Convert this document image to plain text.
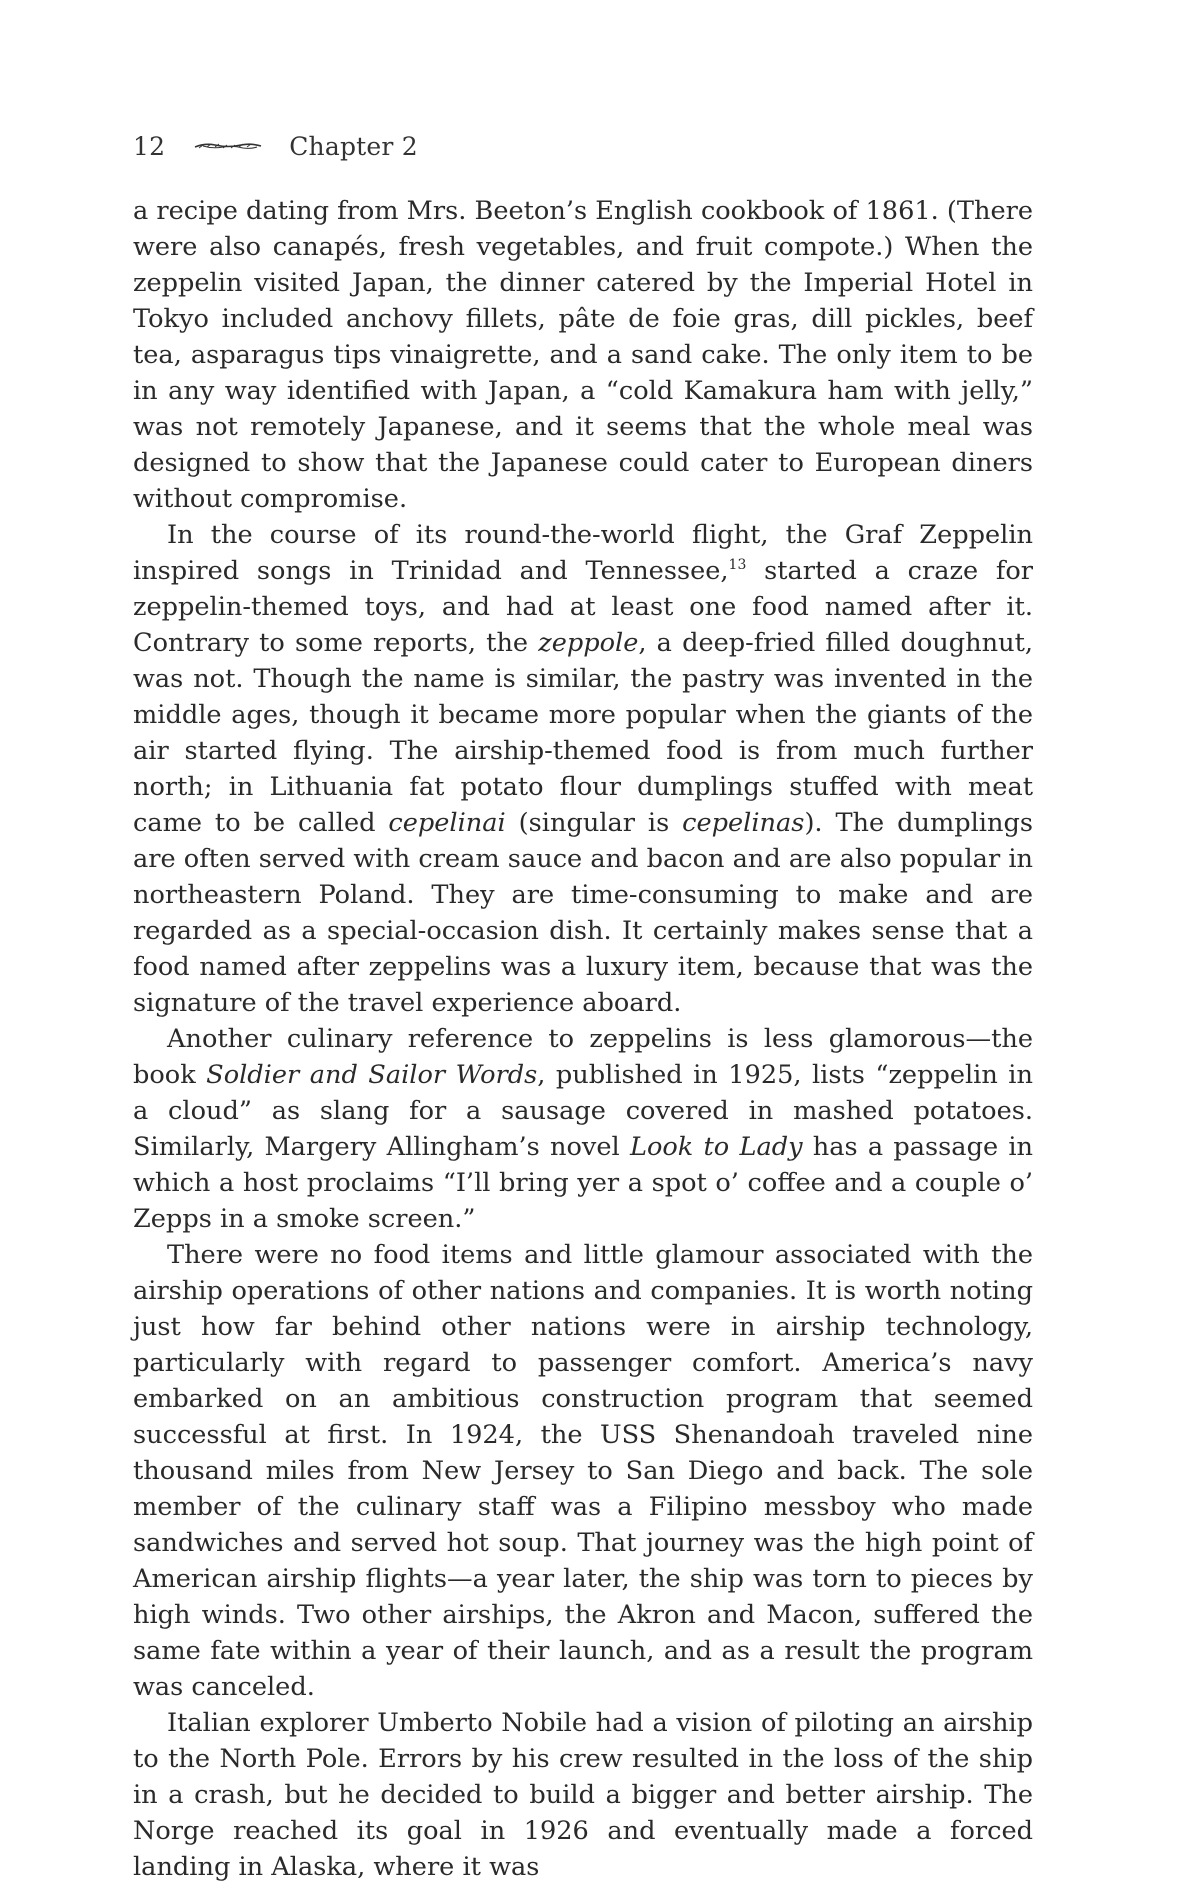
12	Chapter 2

a recipe dating from Mrs. Beeton’s English cookbook of 1861. (There were also canapés, fresh vegetables, and fruit compote.) When the zeppelin visited Japan, the dinner catered by the Imperial Hotel in Tokyo included anchovy fillets, pâte de foie gras, dill pickles, beef tea, asparagus tips vinaigrette, and a sand cake. The only item to be in any way identified with Japan, a “cold Kamakura ham with jelly,” was not remotely Japanese, and it seems that the whole meal was designed to show that the Japanese could cater to European diners without compromise.

In the course of its round-the-world flight, the Graf Zeppelin inspired songs in Trinidad and Tennessee,$^{13}$ started a craze for zeppelin-themed toys, and had at least one food named after it. Contrary to some reports, the zeppole, a deep-fried filled doughnut, was not. Though the name is similar, the pastry was invented in the middle ages, though it became more popular when the giants of the air started flying. The airship-themed food is from much further north; in Lithuania fat potato flour dumplings stuffed with meat came to be called cepelinai (singular is cepelinas). The dumplings are often served with cream sauce and bacon and are also popular in northeastern Poland. They are time-consuming to make and are regarded as a special-occasion dish. It certainly makes sense that a food named after zeppelins was a luxury item, because that was the signature of the travel experience aboard.

Another culinary reference to zeppelins is less glamorous—the book Soldier and Sailor Words, published in 1925, lists “zeppelin in a cloud” as slang for a sausage covered in mashed potatoes. Similarly, Margery Allingham’s novel Look to Lady has a passage in which a host proclaims “I’ll bring yer a spot o’ coffee and a couple o’ Zepps in a smoke screen.”

There were no food items and little glamour associated with the airship operations of other nations and companies. It is worth noting just how far behind other nations were in airship technology, particularly with regard to passenger comfort. America’s navy embarked on an ambitious construction program that seemed successful at first. In 1924, the USS Shenandoah traveled nine thousand miles from New Jersey to San Diego and back. The sole member of the culinary staff was a Filipino messboy who made sandwiches and served hot soup. That journey was the high point of American airship flights—a year later, the ship was torn to pieces by high winds. Two other airships, the Akron and Macon, suffered the same fate within a year of their launch, and as a result the program was canceled.

Italian explorer Umberto Nobile had a vision of piloting an airship to the North Pole. Errors by his crew resulted in the loss of the ship in a crash, but he decided to build a bigger and better airship. The Norge reached its goal in 1926 and eventually made a forced landing in Alaska, where it was
